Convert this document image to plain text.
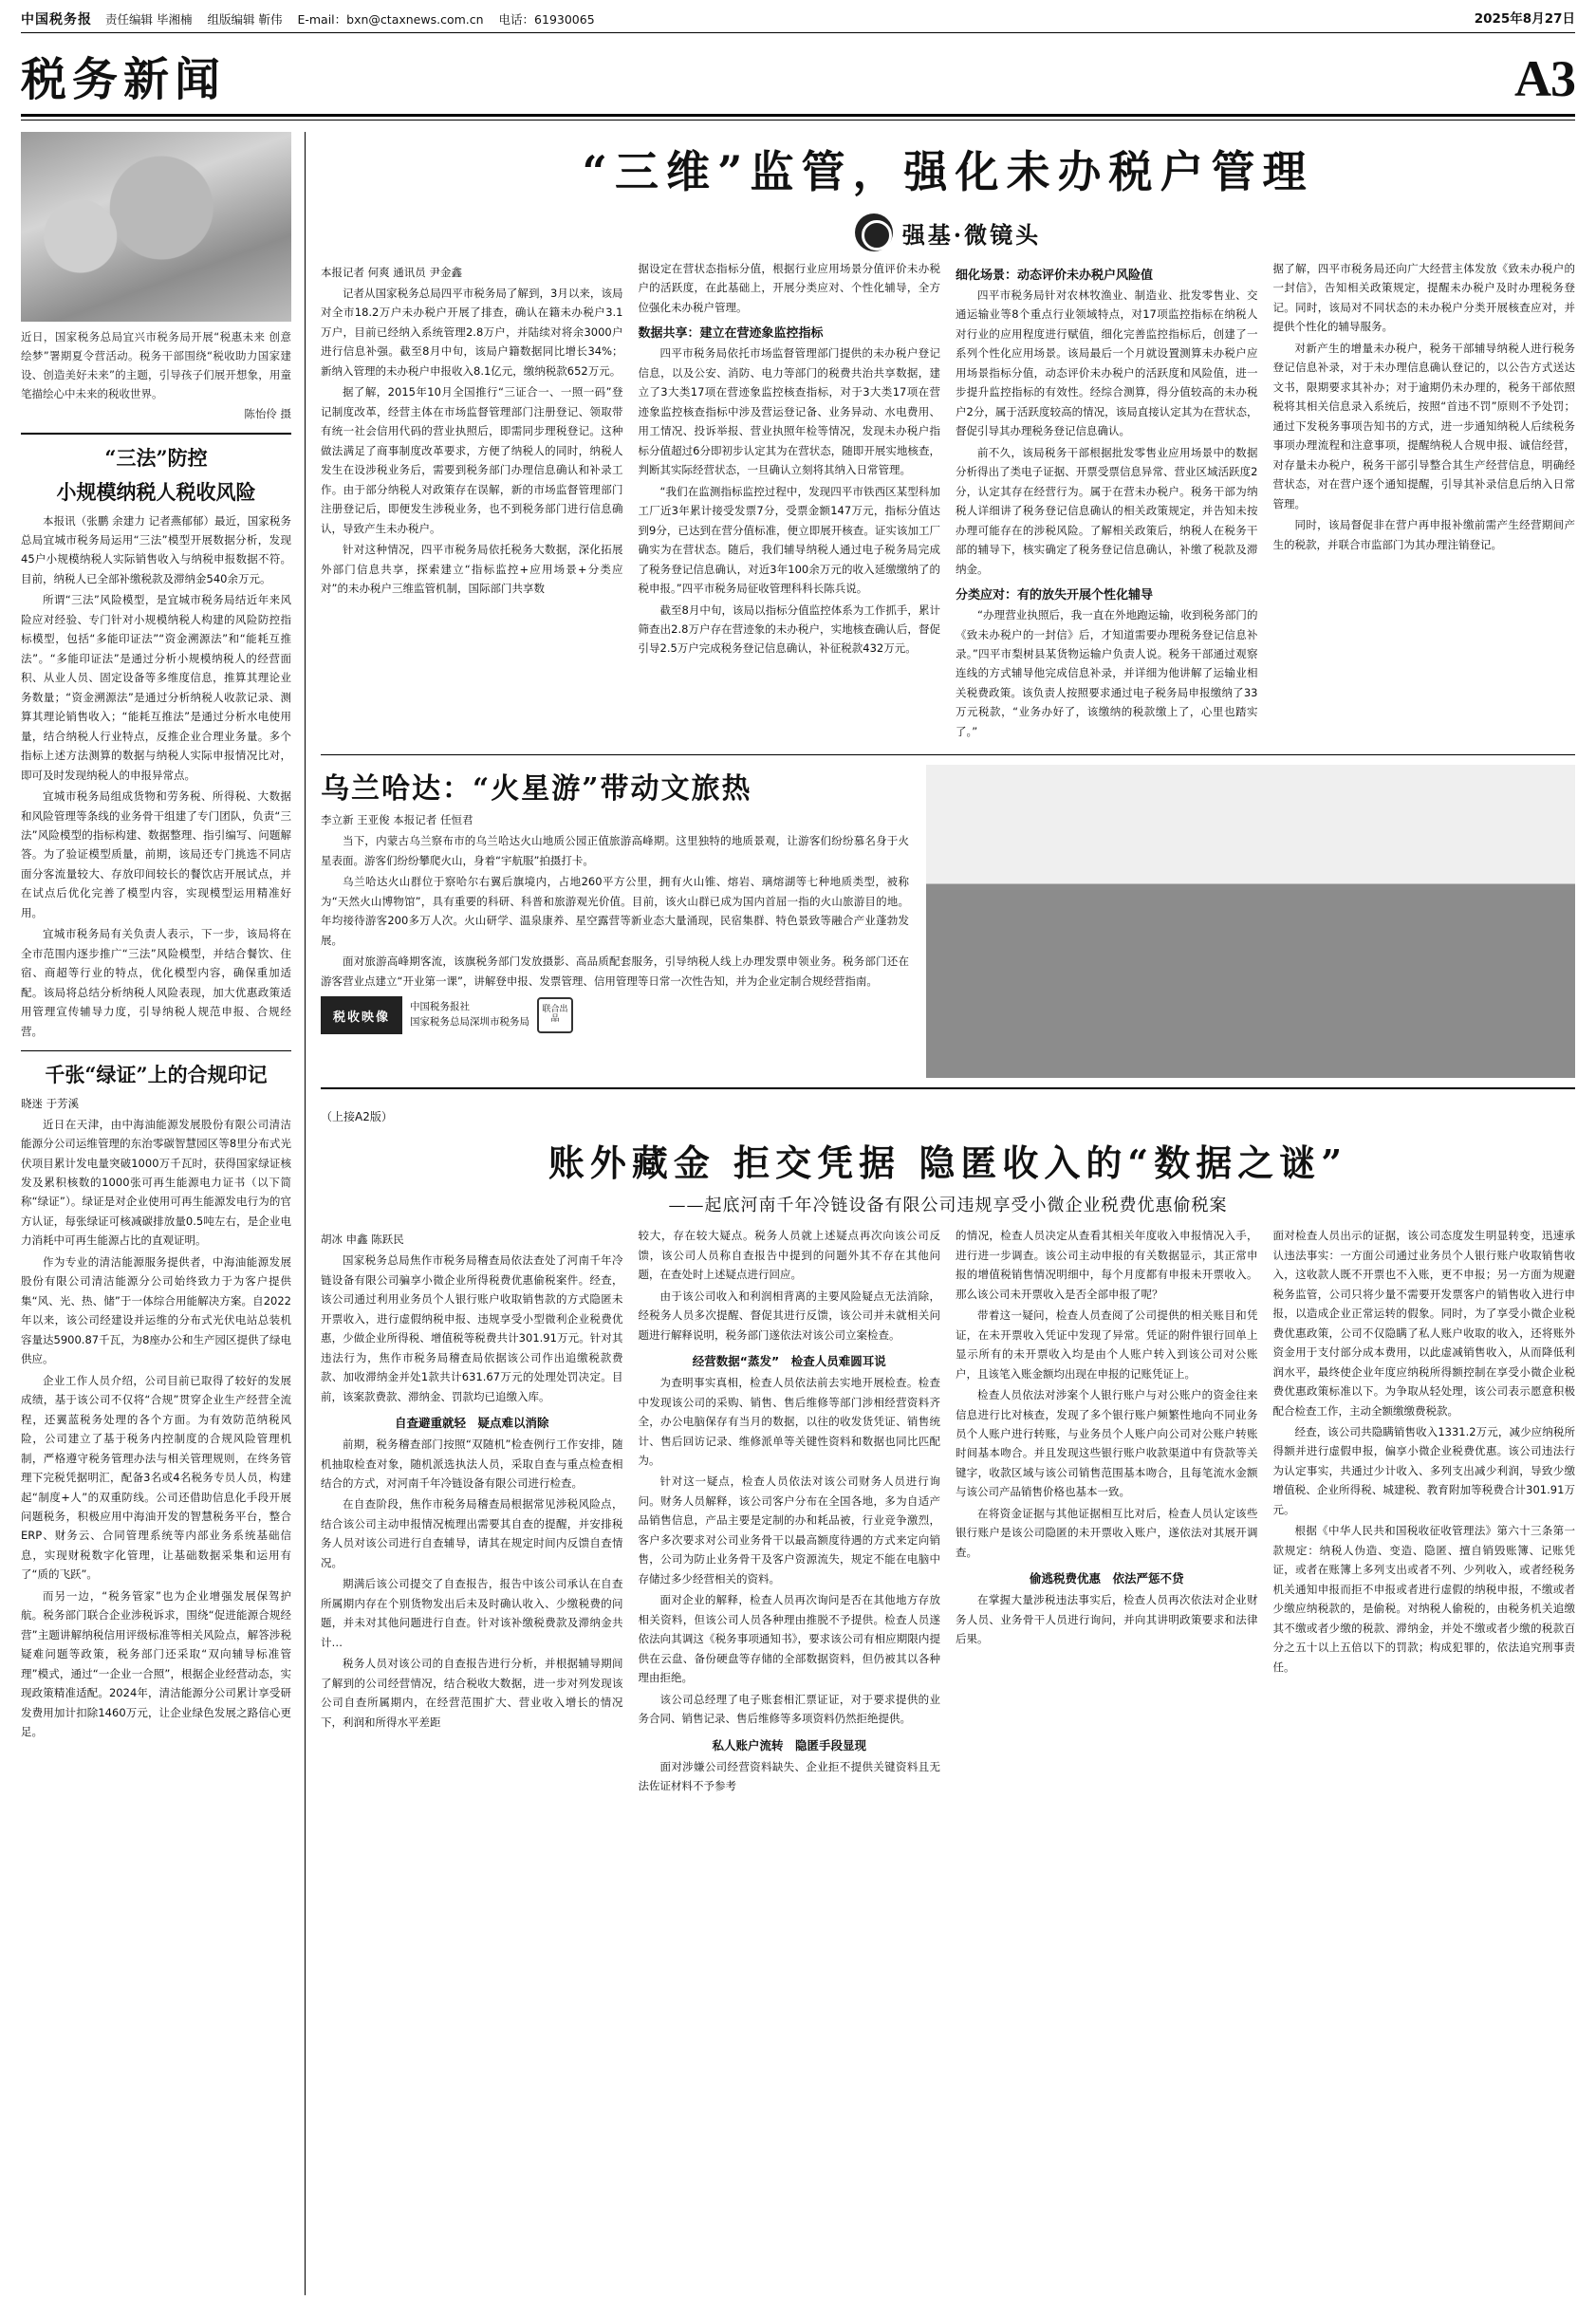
中国税务报 责任编辑 毕湘楠 组版编辑 靳伟 E-mail：bxn@ctaxnews.com.cn 电话：61930065	2025年8月27日
税务新闻	A3
近日，国家税务总局宜兴市税务局开展“税惠未来 创意绘梦”署期夏令营活动。税务干部围绕“税收助力国家建设、创造美好未来”的主题，引导孩子们展开想象，用童笔描绘心中未来的税收世界。
陈怡伶 摄
“三法”防控
小规模纳税人税收风险

本报讯（张鹏 余建力 记者燕郁郁）最近，国家税务总局宜城市税务局运用“三法”模型开展数据分析，发现45户小规模纳税人实际销售收入与纳税申报数据不符。目前，纳税人已全部补缴税款及滞纳金540余万元。

所谓“三法”风险模型，是宜城市税务局结近年来风险应对经验、专门针对小规模纳税人构建的风险防控指标模型，包括“多能印证法”“资金溯源法”和“能耗互推法”。“多能印证法”是通过分析小规模纳税人的经营面积、从业人员、固定设备等多维度信息，推算其理论业务数量；“资金溯源法”是通过分析纳税人收款记录、测算其理论销售收入；“能耗互推法”是通过分析水电使用量，结合纳税人行业特点，反推企业合理业务量。多个指标上述方法测算的数据与纳税人实际申报情况比对，即可及时发现纳税人的申报异常点。

宜城市税务局组成货物和劳务税、所得税、大数据和风险管理等条线的业务骨干组建了专门团队，负责“三法”风险模型的指标构建、数据整理、指引编写、问题解答。为了验证模型质量，前期，该局还专门挑选不同店面分客流量较大、存放印间较长的餐饮店开展试点，并在试点后优化完善了模型内容，实现模型运用精准好用。

宜城市税务局有关负责人表示，下一步，该局将在全市范围内逐步推广“三法”风险模型，并结合餐饮、住宿、商超等行业的特点，优化模型内容，确保重加适配。该局将总结分析纳税人风险表现，加大优惠政策适用管理宣传辅导力度，引导纳税人规范申报、合规经营。

千张“绿证”上的合规印记
晓迷 于芳溪

近日在天津，由中海油能源发展股份有限公司清洁能源分公司运维管理的东治零碳智慧园区等8里分布式光伏项目累计发电量突破1000万千瓦时，获得国家绿证核发及累积核数的1000张可再生能源电力证书（以下简称“绿证”）。绿证是对企业使用可再生能源发电行为的官方认证，每张绿证可核减碳排放量0.5吨左右，是企业电力消耗中可再生能源占比的直观证明。

作为专业的清洁能源服务提供者，中海油能源发展股份有限公司清洁能源分公司始终致力于为客户提供集“风、光、热、储”于一体综合用能解决方案。自2022年以来，该公司经建设并运维的分布式光伏电站总装机容量达5900.87千瓦，为8座办公和生产园区提供了绿电供应。

企业工作人员介绍，公司目前已取得了较好的发展成绩，基于该公司不仅将“合规”贯穿企业生产经营全流程，还翼蓝税务处理的各个方面。为有效防范纳税风险，公司建立了基于税务内控制度的合规风险管理机制，严格遵守税务管理办法与相关管理规则，在终务管理下完税凭据明汇，配备3名或4名税务专员人员，构建起“制度+人”的双重防线。公司还借助信息化手段开展问题税务，积极应用中海油开发的智慧税务平台，整合ERP、财务云、合同管理系统等内部业务系统基础信息，实现财税数字化管理，让基础数据采集和运用有了“质的飞跃”。

而另一边，“税务管家”也为企业增强发展保驾护航。税务部门联合企业涉税诉求，围绕“促进能源合规经营”主题讲解纳税信用评级标准等相关风险点，解答涉税疑难问题等政策，税务部门还采取“双向辅导标准管理”模式，通过“一企业一合照”，根据企业经营动态，实现政策精准适配。2024年，清洁能源分公司累计享受研发费用加计扣除1460万元，让企业绿色发展之路信心更足。

“三维”监管，强化未办税户管理
强基·微镜头
本报记者 何爽 通讯员 尹金鑫

记者从国家税务总局四平市税务局了解到，3月以来，该局对全市18.2万户未办税户开展了排查，确认在籍未办税户3.1万户，目前已经纳入系统管理2.8万户，并陆续对将余3000户进行信息补强。截至8月中旬，该局户籍数据同比增长34%；新纳入管理的未办税户申报收入8.1亿元，缴纳税款652万元。

据了解，2015年10月全国推行“三证合一、一照一码”登记制度改革，经营主体在市场监督管理部门注册登记、领取带有统一社会信用代码的营业执照后，即需同步理税登记。这种做法满足了商事制度改革要求，方便了纳税人的同时，纳税人发生在设涉税业务后，需要到税务部门办理信息确认和补录工作。由于部分纳税人对政策存在误解，新的市场监督管理部门注册登记后，即便发生涉税业务，也不到税务部门进行信息确认，导致产生未办税户。

针对这种情况，四平市税务局依托税务大数据，深化拓展外部门信息共享，探索建立“指标监控+应用场景+分类应对”的未办税户三维监管机制，国际部门共享数

据设定在营状态指标分值，根据行业应用场景分值评价未办税户的活跃度，在此基础上，开展分类应对、个性化辅导，全方位强化未办税户管理。

数据共享：建立在营迹象监控指标

四平市税务局依托市场监督管理部门提供的未办税户登记信息，以及公安、消防、电力等部门的税费共治共享数据，建立了3大类17项在营迹象监控核查指标，对于3大类17项在营迹象监控核查指标中涉及营运登记备、业务异动、水电费用、用工情况、投诉举报、营业执照年检等情况，发现未办税户指标分值超过6分即初步认定其为在营状态，随即开展实地核查，判断其实际经营状态，一旦确认立刻将其纳入日常管理。

“我们在监测指标监控过程中，发现四平市铁西区某型科加工厂近3年累计接受发票7分，受票金额147万元，指标分值达到9分，已达到在营分值标准，便立即展开核查。证实该加工厂确实为在营状态。随后，我们辅导纳税人通过电子税务局完成了税务登记信息确认，对近3年100余万元的收入延缴缴纳了的税申报。”四平市税务局征收管理科科长陈兵说。

截至8月中旬，该局以指标分值监控体系为工作抓手，累计筛查出2.8万户存在营迹象的未办税户，实地核查确认后，督促引导2.5万户完成税务登记信息确认，补征税款432万元。

细化场景：动态评价未办税户风险值

四平市税务局针对农林牧渔业、制造业、批发零售业、交通运输业等8个重点行业领域特点，对17项监控指标在纳税人对行业的应用程度进行赋值，细化完善监控指标后，创建了一系列个性化应用场景。该局最后一个月就设置测算未办税户应用场景指标分值，动态评价未办税户的活跃度和风险值，进一步提升监控指标的有效性。经综合测算，得分值较高的未办税户2分，属于活跃度较高的情况，该局直接认定其为在营状态，督促引导其办理税务登记信息确认。

前不久，该局税务干部根据批发零售业应用场景中的数据分析得出了类电子证据、开票受票信息异常、营业区域活跃度2分，认定其存在经营行为。属于在营未办税户。税务干部为纳税人详细讲了税务登记信息确认的相关政策规定，并告知未按办理可能存在的涉税风险。了解相关政策后，纳税人在税务干部的辅导下，核实确定了税务登记信息确认，补缴了税款及滞纳金。

分类应对：有的放失开展个性化辅导

“办理营业执照后，我一直在外地跑运输，收到税务部门的《致未办税户的一封信》后，才知道需要办理税务登记信息补录。”四平市梨树县某货物运输户负责人说。税务干部通过观察连线的方式辅导他完成信息补录，并详细为他讲解了运输业相关税费政策。该负责人按照要求通过电子税务局申报缴纳了33万元税款，“业务办好了，该缴纳的税款缴上了，心里也踏实了。”

据了解，四平市税务局还向广大经营主体发放《致未办税户的一封信》，告知相关政策规定，提醒未办税户及时办理税务登记。同时，该局对不同状态的未办税户分类开展核查应对，并提供个性化的辅导服务。

对新产生的增量未办税户，税务干部辅导纳税人进行税务登记信息补录，对于未办理信息确认登记的，以公告方式送达文书，限期要求其补办；对于逾期仍未办理的，税务干部依照税将其相关信息录入系统后，按照“首违不罚”原则不予处罚；通过下发税务事项告知书的方式，进一步通知纳税人后续税务事项办理流程和注意事项，提醒纳税人合规申报、诚信经营，对存量未办税户，税务干部引导整合其生产经营信息，明确经营状态，对在营户逐个通知提醒，引导其补录信息后纳入日常管理。

同时，该局督促非在营户再申报补缴前需产生经营期间产生的税款，并联合市监部门为其办理注销登记。

乌兰哈达：“火星游”带动文旅热
李立新 王亚俊 本报记者 任恒君

当下，内蒙古乌兰察布市的乌兰哈达火山地质公园正值旅游高峰期。这里独特的地质景观，让游客们纷纷慕名身于火星表面。游客们纷纷攀爬火山，身着“宇航服”拍摄打卡。

乌兰哈达火山群位于察哈尔右翼后旗境内，占地260平方公里，拥有火山锥、熔岩、璃熔湖等七种地质类型，被称为“天然火山博物馆”，具有重要的科研、科普和旅游观光价值。目前，该火山群已成为国内首屈一指的火山旅游目的地。年均接待游客200多万人次。火山研学、温泉康养、星空露营等新业态大量涌现，民宿集群、特色景致等融合产业蓬勃发展。

面对旅游高峰期客流，该旗税务部门发放摄影、高品质配套服务，引导纳税人线上办理发票申领业务。税务部门还在游客营业点建立“开业第一课”，讲解登申报、发票管理、信用管理等日常一次性告知，并为企业定制合规经营指南。

税收映像
中国税务报社
国家税务总局深圳市税务局
联合出品
（上接A2版）
账外藏金 拒交凭据 隐匿收入的“数据之谜”
——起底河南千年冷链设备有限公司违规享受小微企业税费优惠偷税案
胡冰 申鑫 陈跃民

国家税务总局焦作市税务局稽查局依法查处了河南千年冷链设备有限公司骗享小微企业所得税费优惠偷税案件。经查，该公司通过利用业务员个人银行账户收取销售款的方式隐匿未开票收入，进行虚假纳税申报、违规享受小型微利企业税费优惠，少做企业所得税、增值税等税费共计301.91万元。针对其违法行为，焦作市税务局稽查局依据该公司作出追缴税款费款、加收滞纳金并处1款共计631.67万元的处理处罚决定。目前，该案款费款、滞纳金、罚款均已追缴入库。

自查避重就轻　疑点难以消除

前期，税务稽查部门按照“双随机”检查例行工作安排，随机抽取检查对象，随机派选执法人员，采取自查与重点检查相结合的方式，对河南千年冷链设备有限公司进行检查。

在自查阶段，焦作市税务局稽查局根据常见涉税风险点，结合该公司主动申报情况梳理出需要其自查的提醒，并安排税务人员对该公司进行自查辅导，请其在规定时间内反馈自查情况。

期满后该公司提交了自查报告，报告中该公司承认在自查所属期内存在个别货物发出后未及时确认收入、少缴税费的问题，并未对其他问题进行自查。针对该补缴税费款及滞纳金共计…

税务人员对该公司的自查报告进行分析，并根据辅导期间了解到的公司经营情况，结合税收大数据，进一步对列发现该公司自查所属期内，在经营范围扩大、营业收入增长的情况下，利润和所得水平差距

较大，存在较大疑点。税务人员就上述疑点再次向该公司反馈，该公司人员称自查报告中提到的问题外其不存在其他问题，在查处时上述疑点进行回应。

由于该公司收入和利润相背离的主要风险疑点无法消除，经税务人员多次提醒、督促其进行反馈，该公司并未就相关问题进行解释说明，税务部门遂依法对该公司立案检查。

经营数据“蒸发”　检查人员难圆耳说

为查明事实真相，检查人员依法前去实地开展检查。检查中发现该公司的采购、销售、售后维修等部门涉相经营资料齐全，办公电脑保存有当月的数据，以往的收发货凭证、销售统计、售后回访记录、维修派单等关键性资料和数据也同比匹配为。

针对这一疑点，检查人员依法对该公司财务人员进行询问。财务人员解释，该公司客户分布在全国各地，多为自适产品销售信息，产品主要是定制的办和耗品被，行业竞争激烈，客户多次要求对公司业务骨干以最高额度待遇的方式来定向销售，公司为防止业务骨干及客户资源流失，规定不能在电脑中存储过多少经营相关的资料。

面对企业的解释，检查人员再次询问是否在其他地方存放相关资料，但该公司人员各种理由推脱不予提供。检查人员遂依法向其调这《税务事项通知书》，要求该公司有相应期限内提供在云盘、备份硬盘等存储的全部数据资料，但仍被其以各种理由拒绝。

该公司总经理了电子账套相汇票证证，对于要求提供的业务合同、销售记录、售后维修等多项资料仍然拒绝提供。

私人账户流转　隐匿手段显现

面对涉嫌公司经营资料缺失、企业拒不提供关键资料且无法佐证材料不予参考

的情况，检查人员决定从查看其相关年度收入申报情况入手，进行进一步调查。该公司主动申报的有关数据显示，其正常申报的增值税销售情况明细中，每个月度都有申报未开票收入。那么该公司未开票收入是否全部申报了呢？

带着这一疑问，检查人员查阅了公司提供的相关账目和凭证，在未开票收入凭证中发现了异常。凭证的附件银行回单上显示所有的未开票收入均是由个人账户转入到该公司对公账户，且该笔入账金额均出现在申报的记账凭证上。

检查人员依法对涉案个人银行账户与对公账户的资金往来信息进行比对核查，发现了多个银行账户频繁性地向不同业务员个人账户进行转账，与业务员个人账户向公司对公账户转账时间基本吻合。并且发现这些银行账户收款渠道中有贷款等关键字，收款区域与该公司销售范围基本吻合，且每笔流水金额与该公司产品销售价格也基本一致。

在将资金证据与其他证据相互比对后，检查人员认定该些银行账户是该公司隐匿的未开票收入账户，遂依法对其展开调查。

偷逃税费优惠　依法严惩不贷

在掌握大量涉税违法事实后，检查人员再次依法对企业财务人员、业务骨干人员进行询问，并向其讲明政策要求和法律后果。

面对检查人员出示的证据，该公司态度发生明显转变，迅速承认违法事实：一方面公司通过业务员个人银行账户收取销售收入，这收款人既不开票也不入账，更不申报；另一方面为规避税务监管，公司只将少量不需要开发票客户的销售收入进行申报，以造成企业正常运转的假象。同时，为了享受小微企业税费优惠政策，公司不仅隐瞒了私人账户收取的收入，还将账外资金用于支付部分成本费用，以此虚减销售收入，从而降低利润水平，最终使企业年度应纳税所得额控制在享受小微企业税费优惠政策标准以下。为争取从轻处理，该公司表示愿意积极配合检查工作，主动全额缴缴费税款。

经查，该公司共隐瞒销售收入1331.2万元，减少应纳税所得额并进行虚假申报，偏享小微企业税费优惠。该公司违法行为认定事实，共通过少计收入、多列支出减少利润，导致少缴增值税、企业所得税、城建税、教育附加等税费合计301.91万元。

根据《中华人民共和国税收征收管理法》第六十三条第一款规定：纳税人伪造、变造、隐匿、擅自销毁账簿、记账凭证，或者在账簿上多列支出或者不列、少列收入，或者经税务机关通知申报而拒不申报或者进行虚假的纳税申报，不缴或者少缴应纳税款的，是偷税。对纳税人偷税的，由税务机关追缴其不缴或者少缴的税款、滞纳金，并处不缴或者少缴的税款百分之五十以上五倍以下的罚款；构成犯罪的，依法追究刑事责任。
